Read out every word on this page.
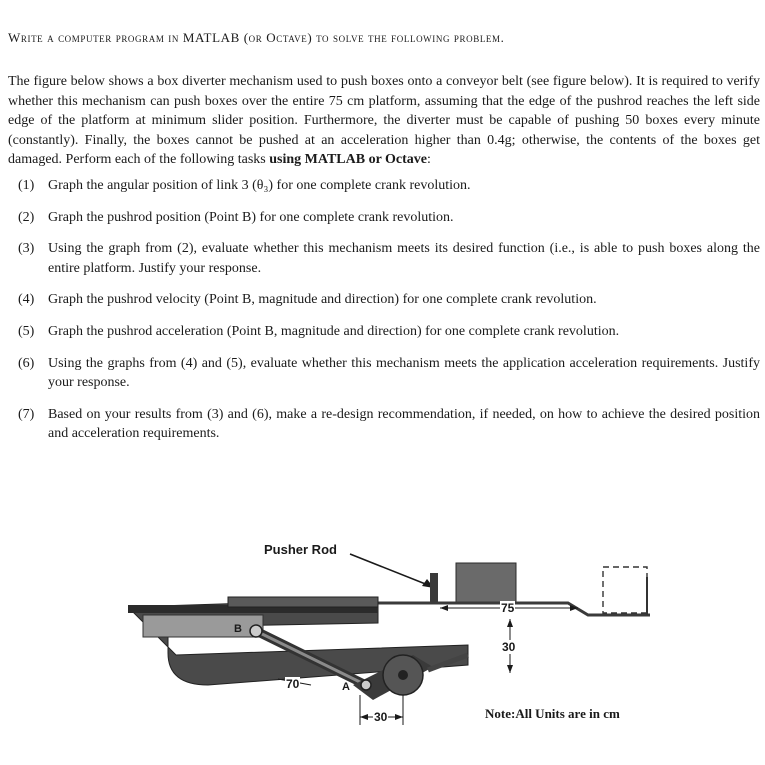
Write a computer program in MATLAB (or Octave) to solve the following problem.
The figure below shows a box diverter mechanism used to push boxes onto a conveyor belt (see figure below). It is required to verify whether this mechanism can push boxes over the entire 75 cm platform, assuming that the edge of the pushrod reaches the left side edge of the platform at minimum slider position. Furthermore, the diverter must be capable of pushing 50 boxes every minute (constantly). Finally, the boxes cannot be pushed at an acceleration higher than 0.4g; otherwise, the contents of the boxes get damaged. Perform each of the following tasks using MATLAB or Octave:
(1) Graph the angular position of link 3 (θ₃) for one complete crank revolution.
(2) Graph the pushrod position (Point B) for one complete crank revolution.
(3) Using the graph from (2), evaluate whether this mechanism meets its desired function (i.e., is able to push boxes along the entire platform. Justify your response.
(4) Graph the pushrod velocity (Point B, magnitude and direction) for one complete crank revolution.
(5) Graph the pushrod acceleration (Point B, magnitude and direction) for one complete crank revolution.
(6) Using the graphs from (4) and (5), evaluate whether this mechanism meets the application acceleration requirements. Justify your response.
(7) Based on your results from (3) and (6), make a re-design recommendation, if needed, on how to achieve the desired position and acceleration requirements.
Pusher Rod
B
A
75
30
70
30	Note:All Units are in cm
